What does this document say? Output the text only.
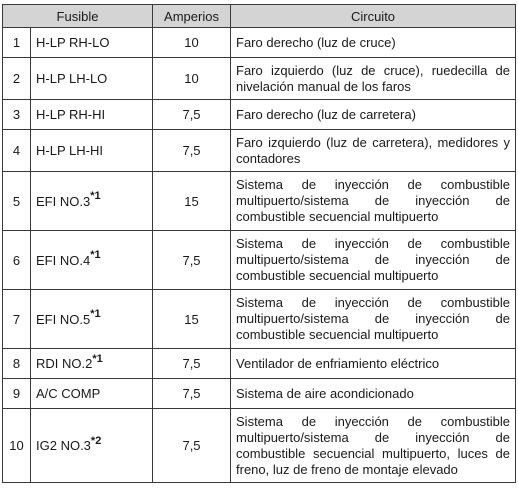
Fusible		Amperios	Circuito
1	H-LP RH-LO	10	Faro derecho (luz de cruce)
2	H-LP LH-LO	10	Faro izquierdo (luz de cruce), ruedecilla de nivelación manual de los faros
3	H-LP RH-HI	7,5	Faro derecho (luz de carretera)
4	H-LP LH-HI	7,5	Faro izquierdo (luz de carretera), medidores y contadores
5	EFI NO.3$^{*1}$	15	Sistema de inyección de combustible multipuerto/sistema de inyección de combustible secuencial multipuerto
6	EFI NO.4$^{*1}$	7,5	Sistema de inyección de combustible multipuerto/sistema de inyección de combustible secuencial multipuerto
7	EFI NO.5$^{*1}$	15	Sistema de inyección de combustible multipuerto/sistema de inyección de combustible secuencial multipuerto
8	RDI NO.2$^{*1}$	7,5	Ventilador de enfriamiento eléctrico
9	A/C COMP	7,5	Sistema de aire acondicionado
10	IG2 NO.3$^{*2}$	7,5	Sistema de inyección de combustible multipuerto/sistema de inyección de combustible secuencial multipuerto, luces de freno, luz de freno de montaje elevado
